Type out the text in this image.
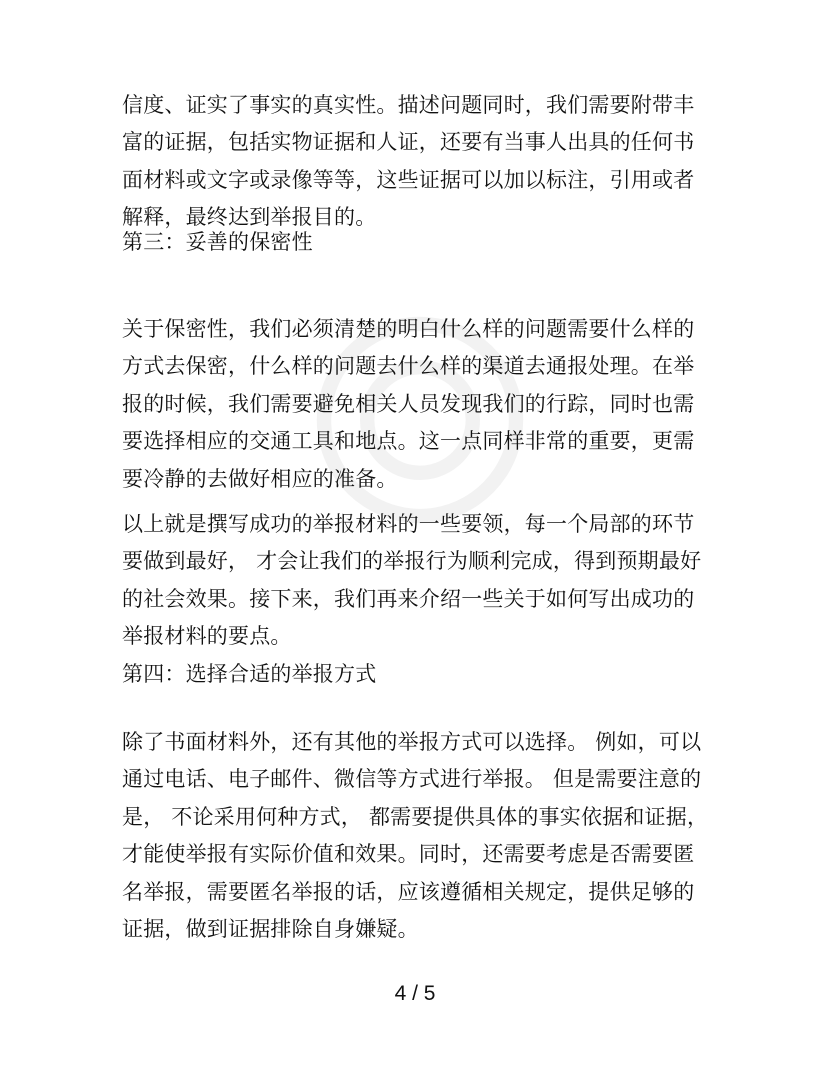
信度、证实了事实的真实性。描述问题同时，我们需要附带丰
富的证据，包括实物证据和人证，还要有当事人出具的任何书
面材料或文字或录像等等，这些证据可以加以标注，引用或者
解释，最终达到举报目的。
第三：妥善的保密性
关于保密性，我们必须清楚的明白什么样的问题需要什么样的
方式去保密，什么样的问题去什么样的渠道去通报处理。在举
报的时候，我们需要避免相关人员发现我们的行踪，同时也需
要选择相应的交通工具和地点。这一点同样非常的重要，更需
要冷静的去做好相应的准备。
以上就是撰写成功的举报材料的一些要领，每一个局部的环节
要做到最好， 才会让我们的举报行为顺利完成，得到预期最好
的社会效果。接下来，我们再来介绍一些关于如何写出成功的
举报材料的要点。
第四：选择合适的举报方式
除了书面材料外，还有其他的举报方式可以选择。 例如，可以
通过电话、电子邮件、微信等方式进行举报。 但是需要注意的
是， 不论采用何种方式， 都需要提供具体的事实依据和证据，
才能使举报有实际价值和效果。同时，还需要考虑是否需要匿
名举报，需要匿名举报的话，应该遵循相关规定，提供足够的
证据，做到证据排除自身嫌疑。
4 / 5
